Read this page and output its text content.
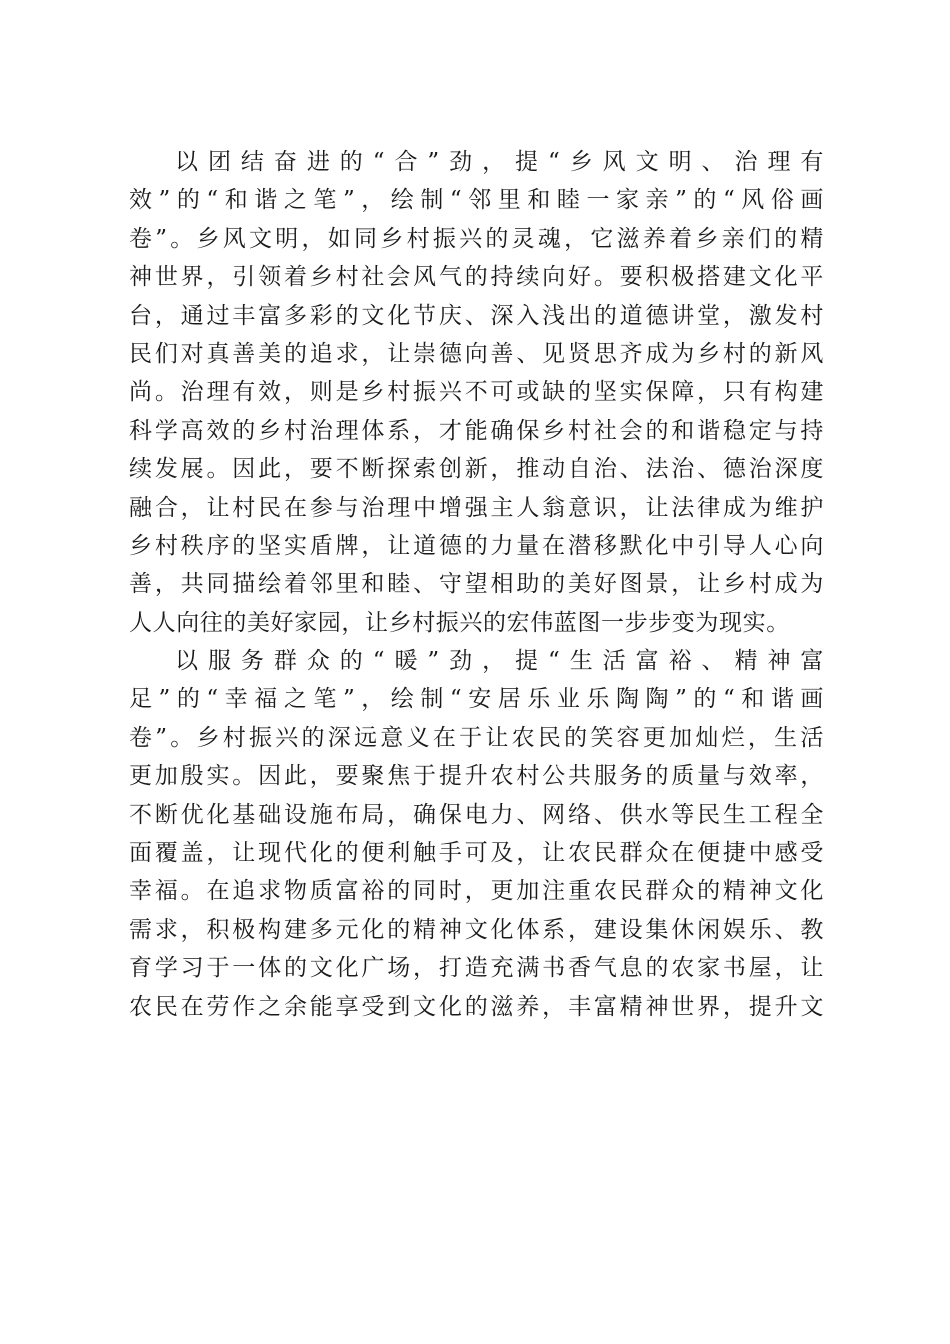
以团结奋进的“合”劲，提“乡风文明、治理有
效”的“和谐之笔”，绘制“邻里和睦一家亲”的“风俗画
卷”。乡风文明，如同乡村振兴的灵魂，它滋养着乡亲们的精
神世界，引领着乡村社会风气的持续向好。要积极搭建文化平
台，通过丰富多彩的文化节庆、深入浅出的道德讲堂，激发村
民们对真善美的追求，让崇德向善、见贤思齐成为乡村的新风
尚。治理有效，则是乡村振兴不可或缺的坚实保障，只有构建
科学高效的乡村治理体系，才能确保乡村社会的和谐稳定与持
续发展。因此，要不断探索创新，推动自治、法治、德治深度
融合，让村民在参与治理中增强主人翁意识，让法律成为维护
乡村秩序的坚实盾牌，让道德的力量在潜移默化中引导人心向
善，共同描绘着邻里和睦、守望相助的美好图景，让乡村成为
人人向往的美好家园，让乡村振兴的宏伟蓝图一步步变为现实。
以服务群众的“暖”劲，提“生活富裕、精神富
足”的“幸福之笔”，绘制“安居乐业乐陶陶”的“和谐画
卷”。乡村振兴的深远意义在于让农民的笑容更加灿烂，生活
更加殷实。因此，要聚焦于提升农村公共服务的质量与效率，
不断优化基础设施布局，确保电力、网络、供水等民生工程全
面覆盖，让现代化的便利触手可及，让农民群众在便捷中感受
幸福。在追求物质富裕的同时，更加注重农民群众的精神文化
需求，积极构建多元化的精神文化体系，建设集休闲娱乐、教
育学习于一体的文化广场，打造充满书香气息的农家书屋，让
农民在劳作之余能享受到文化的滋养，丰富精神世界，提升文
